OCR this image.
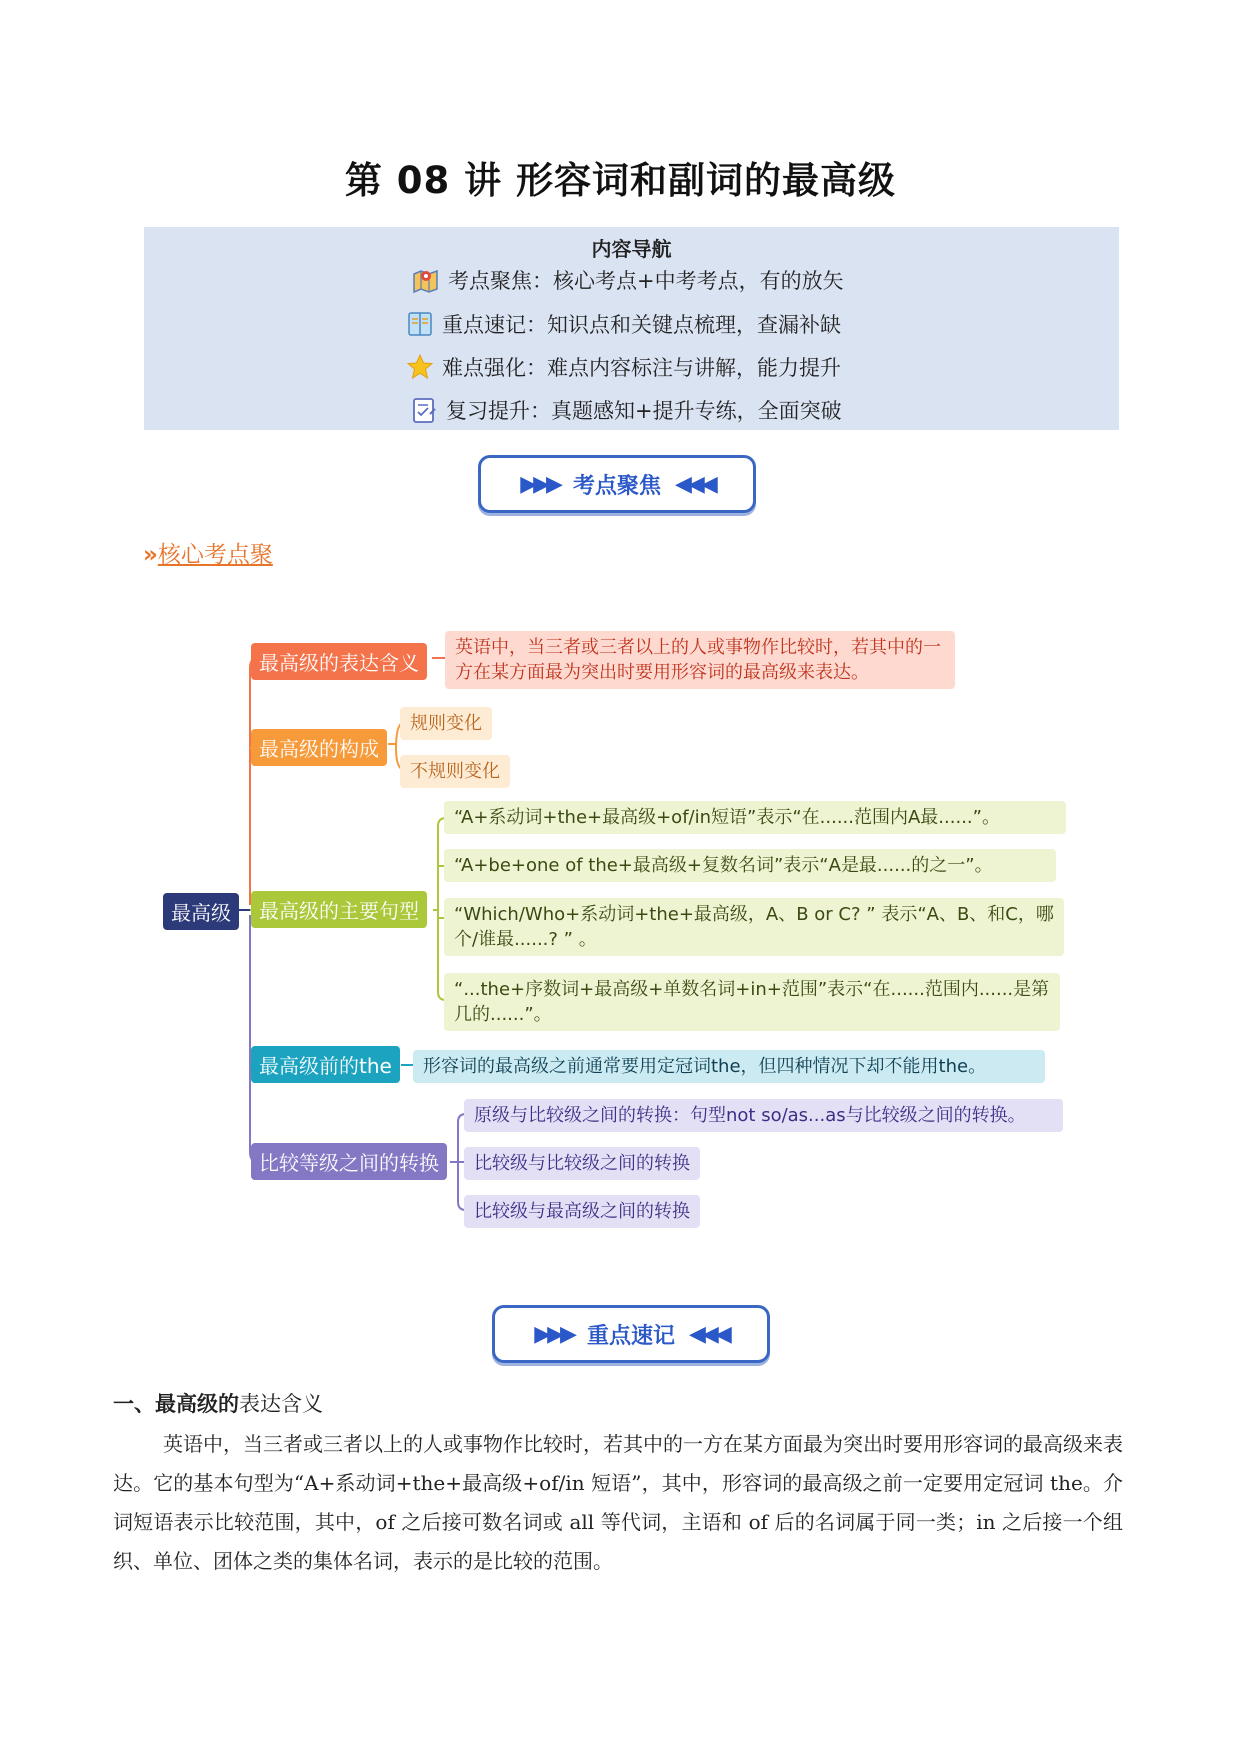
第 08 讲 形容词和副词的最高级
内容导航
考点聚焦：核心考点+中考考点，有的放矢
重点速记：知识点和关键点梳理，查漏补缺
难点强化：难点内容标注与讲解，能力提升
复习提升：真题感知+提升专练，全面突破
▶▶▶ 考点聚焦 ◀◀◀
»核心考点聚
最高级
最高级的表达含义
英语中，当三者或三者以上的人或事物作比较时，若其中的一方在某方面最为突出时要用形容词的最高级来表达。
最高级的构成
规则变化
不规则变化
最高级的主要句型
“A+系动词+the+最高级+of/in短语”表示“在......范围内A最......”。
“A+be+one of the+最高级+复数名词”表示“A是最......的之一”。
“Which/Who+系动词+the+最高级，A、B or C? ” 表示“A、B、和C，哪个/谁最......? ” 。
“...the+序数词+最高级+单数名词+in+范围”表示“在......范围内......是第几的......”。
最高级前的the	形容词的最高级之前通常要用定冠词the，但四种情况下却不能用the。
比较等级之间的转换
原级与比较级之间的转换：句型not so/as...as与比较级之间的转换。
比较级与比较级之间的转换
比较级与最高级之间的转换
▶▶▶ 重点速记 ◀◀◀
一、最高级的表达含义
英语中，当三者或三者以上的人或事物作比较时，若其中的一方在某方面最为突出时要用形容词的最高级来表达。它的基本句型为“A+系动词+the+最高级+of/in 短语”，其中，形容词的最高级之前一定要用定冠词 the。介词短语表示比较范围，其中，of 之后接可数名词或 all 等代词，主语和 of 后的名词属于同一类；in 之后接一个组织、单位、团体之类的集体名词，表示的是比较的范围。
